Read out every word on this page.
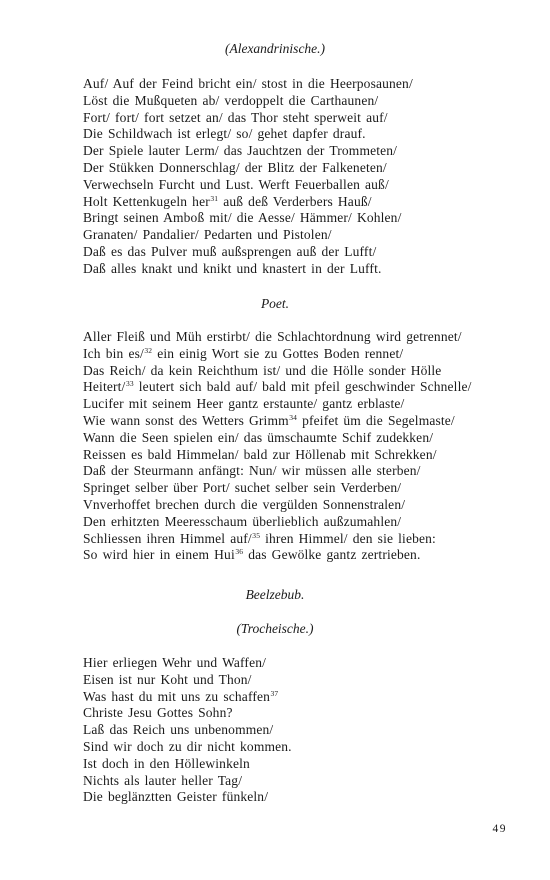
(Alexandrinische.)
Auf/ Auf der Feind bricht ein/ stost in die Heerposaunen/
Löst die Mußqueten ab/ verdoppelt die Carthaunen/
Fort/ fort/ fort setzet an/ das Thor steht sperweit auf/
Die Schildwach ist erlegt/ so/ gehet dapfer drauf.
Der Spiele lauter Lerm/ das Jauchtzen der Trommeten/
Der Stükken Donnerschlag/ der Blitz der Falkeneten/
Verwechseln Furcht und Lust. Werft Feuerballen auß/
Holt Kettenkugeln her$^{31}$ auß deß Verderbers Hauß/
Bringt seinen Amboß mit/ die Aesse/ Hämmer/ Kohlen/
Granaten/ Pandalier/ Pedarten und Pistolen/
Daß es das Pulver muß außsprengen auß der Lufft/
Daß alles knakt und knikt und knastert in der Lufft.
Poet.
Aller Fleiß und Müh erstirbt/ die Schlachtordnung wird getrennet/
Ich bin es/$^{32}$ ein einig Wort sie zu Gottes Boden rennet/
Das Reich/ da kein Reichthum ist/ und die Hölle sonder Hölle
Heitert/$^{33}$ leutert sich bald auf/ bald mit pfeil geschwinder Schnelle/
Lucifer mit seinem Heer gantz erstaunte/ gantz erblaste/
Wie wann sonst des Wetters Grimm$^{34}$ pfeifet üm die Segelmaste/
Wann die Seen spielen ein/ das ümschaumte Schif zudekken/
Reissen es bald Himmelan/ bald zur Höllenab mit Schrekken/
Daß der Steurmann anfängt: Nun/ wir müssen alle sterben/
Springet selber über Port/ suchet selber sein Verderben/
Vnverhoffet brechen durch die vergülden Sonnenstralen/
Den erhitzten Meeresschaum überlieblich außzumahlen/
Schliessen ihren Himmel auf/$^{35}$ ihren Himmel/ den sie lieben:
So wird hier in einem Hui$^{36}$ das Gewölke gantz zertrieben.
Beelzebub.
(Trocheische.)
Hier erliegen Wehr und Waffen/
Eisen ist nur Koht und Thon/
Was hast du mit uns zu schaffen$^{37}$
Christe Jesu Gottes Sohn?
Laß das Reich uns unbenommen/
Sind wir doch zu dir nicht kommen.
Ist doch in den Höllewinkeln
Nichts als lauter heller Tag/
Die beglänztten Geister fünkeln/
49
